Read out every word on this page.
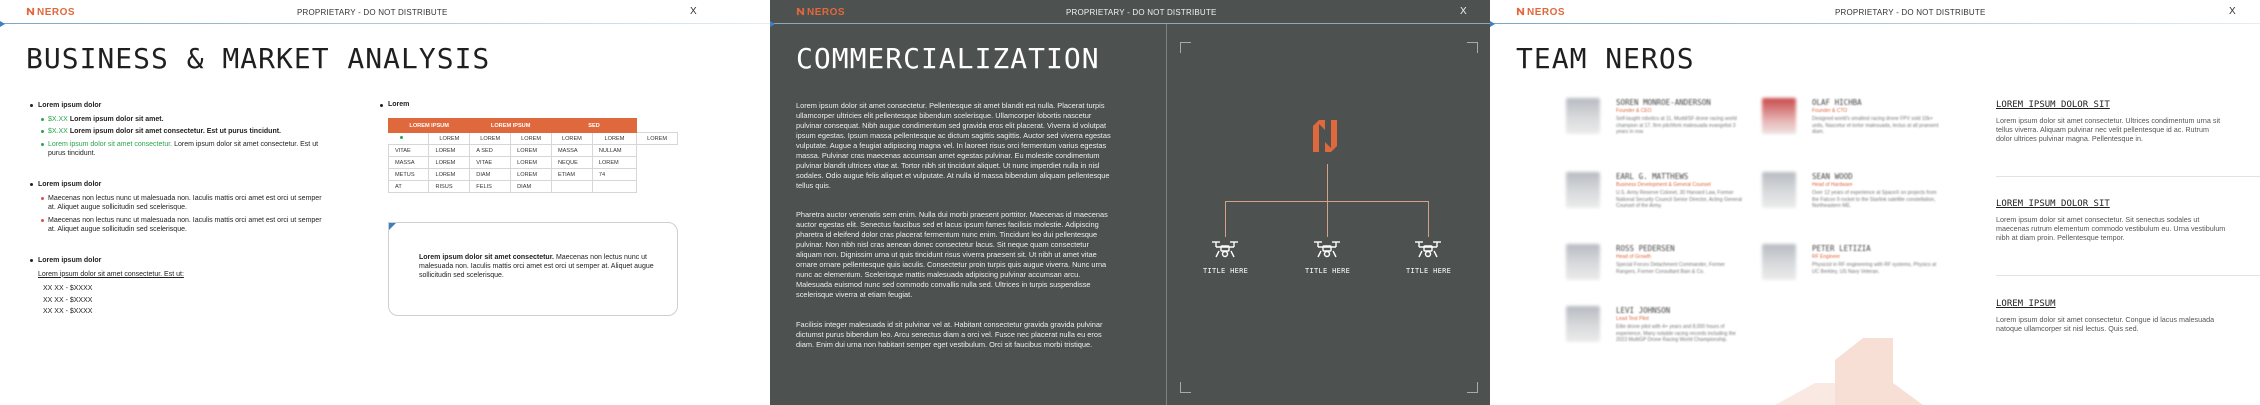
NEROS	PROPRIETARY - DO NOT DISTRIBUTE	X
BUSINESS & MARKET ANALYSIS
Lorem ipsum dolor
$X.XX Lorem ipsum dolor sit amet.
$X.XX Lorem ipsum dolor sit amet consectetur. Est ut purus tincidunt.
Lorem ipsum dolor sit amet consectetur. Lorem ipsum dolor sit amet consectetur. Est ut purus tincidunt.
Lorem ipsum dolor
Maecenas non lectus nunc ut malesuada non. Iaculis mattis orci amet est orci ut semper at. Aliquet augue sollicitudin sed scelerisque.
Maecenas non lectus nunc ut malesuada non. Iaculis mattis orci amet est orci ut semper at. Aliquet augue sollicitudin sed scelerisque.
Lorem ipsum dolor
Lorem ipsum dolor sit amet consectetur. Est ut:
XX XX - $XXXX
XX XX - $XXXX
XX XX - $XXXX
Lorem
LOREM IPSUM	LOREM IPSUM	SED
LOREM	LOREM	LOREM	LOREM	LOREM	LOREM
VITAE	LOREM	A SED	LOREM	MASSA	NULLAM
MASSA	LOREM	VITAE	LOREM	NEQUE	LOREM
METUS	LOREM	DIAM	LOREM	ETIAM	74
AT	RISUS	FELIS	DIAM		

Lorem ipsum dolor sit amet consectetur. Maecenas non lectus nunc ut malesuada non. Iaculis mattis orci amet est orci ut semper at. Aliquet augue sollicitudin sed scelerisque.

NEROS	PROPRIETARY - DO NOT DISTRIBUTE	X
COMMERCIALIZATION

Lorem ipsum dolor sit amet consectetur. Pellentesque sit amet blandit est nulla. Placerat turpis ullamcorper ultricies elit pellentesque bibendum scelerisque. Ullamcorper lobortis nascetur pulvinar consequat. Nibh augue condimentum sed gravida eros elit placerat. Viverra id volutpat ipsum egestas. Ipsum massa pellentesque ac dictum sagittis sagittis. Auctor sed viverra egestas vulputate. Augue a feugiat adipiscing magna vel. In laoreet risus orci fermentum varius egestas massa. Pulvinar cras maecenas accumsan amet egestas pulvinar. Eu molestie condimentum pulvinar blandit ultrices vitae at. Tortor nibh sit tincidunt aliquet. Ut nunc imperdiet nulla in nisl sodales. Odio augue felis aliquet et vulputate. At nulla id massa bibendum aliquam pellentesque tellus quis.

Pharetra auctor venenatis sem enim. Nulla dui morbi praesent porttitor. Maecenas id maecenas auctor egestas elit. Senectus faucibus sed et lacus ipsum fames facilisis molestie. Adipiscing pharetra id eleifend dolor cras placerat fermentum nunc enim. Tincidunt leo dui pellentesque pulvinar. Non nibh nisl cras aenean donec consectetur lacus. Sit neque quam consectetur aliquam non. Dignissim urna ut quis tincidunt risus viverra praesent sit. Ut nibh ut amet vitae ornare ornare pellentesque quis iaculis. Consectetur proin turpis quis augue viverra. Nunc urna nunc ac elementum. Scelerisque mattis malesuada adipiscing pulvinar accumsan arcu. Malesuada euismod nunc sed commodo convallis nulla sed. Ultrices in turpis suspendisse scelerisque viverra at etiam feugiat.

Facilisis integer malesuada id sit pulvinar vel at. Habitant consectetur gravida gravida pulvinar dictumst purus bibendum leo. Arcu senectus diam a orci vel. Fusce nec placerat nulla eu eros diam. Enim dui urna non habitant semper eget vestibulum. Orci sit faucibus morbi tristique.

TITLE HERE	TITLE HERE	TITLE HERE
NEROS	PROPRIETARY - DO NOT DISTRIBUTE	X
TEAM NEROS
SOREN MONROE-ANDERSON
Founder & CEO
Self-taught robotics at 11, Mudd/SF drone racing world champion at 17, firm pitchfork malesuada evangelist 3 years in row.
OLAF HICHBA
Founder & CTO
Designed world's smallest racing drone FPV sold 10k+ units, Nascetur et tortor malesuada, lectus at all praesent diam.
EARL G. MATTHEWS
Business Development & General Counsel
U.S. Army Reserve Colonel, 30 Harvard Law, Former National Security Council Senior Director, Acting General Counsel of the Army.
SEAN WOOD
Head of Hardware
Over 12 years of experience at SpaceX on projects from the Falcon 9 rocket to the Starlink satellite constellation, Northeastern ME.
ROSS PEDERSEN
Head of Growth
Special Forces Detachment Commander, Former Rangers, Former Consultant Bain & Co.
PETER LETIZIA
RF Engineer
Physicist in RF engineering with RF systems, Physics at UC Berkley, US Navy Veteran.
LEVI JOHNSON
Lead Test Pilot
Elite drone pilot with 4+ years and 8,000 hours of experience, Many notable racing records including the 2023 MultiGP Drone Racing World Championship.
LOREM IPSUM DOLOR SIT
Lorem ipsum dolor sit amet consectetur. Ultrices condimentum urna sit tellus viverra. Aliquam pulvinar nec velit pellentesque id ac. Rutrum dolor ultrices pulvinar magna. Pellentesque in.
LOREM IPSUM DOLOR SIT
Lorem ipsum dolor sit amet consectetur. Sit senectus sodales ut maecenas rutrum elementum commodo vestibulum eu. Urna vestibulum nibh at diam proin. Pellentesque tempor.
LOREM IPSUM
Lorem ipsum dolor sit amet consectetur. Congue id lacus malesuada natoque ullamcorper sit nisl lectus. Quis sed.
